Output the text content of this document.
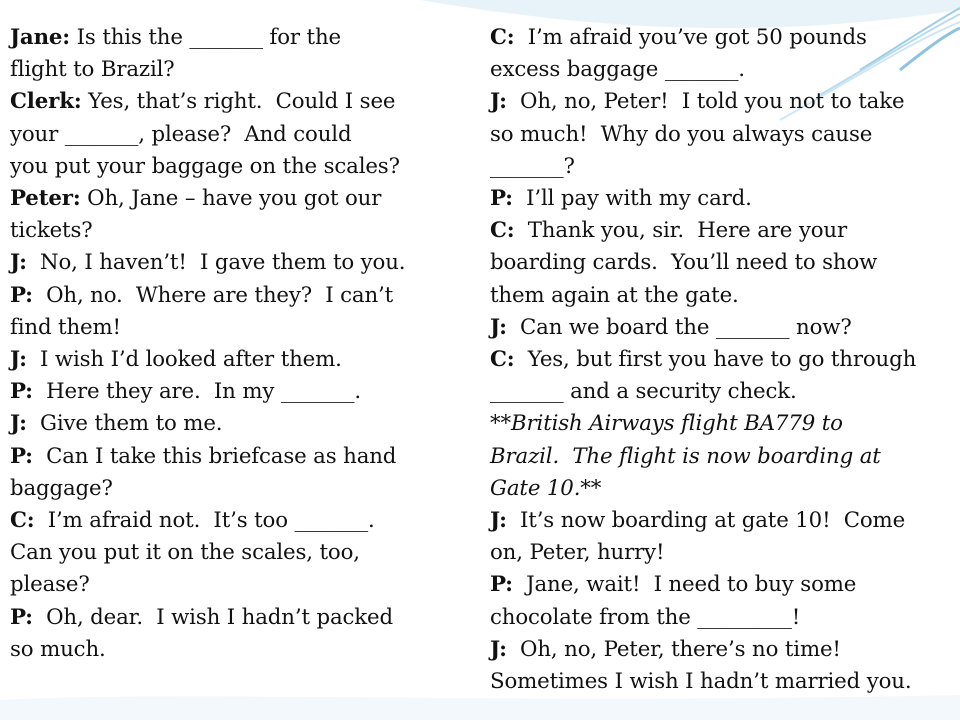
Jane: Is this the _______ for the
flight to Brazil?
Clerk: Yes, that’s right.  Could I see
your _______, please?  And could
you put your baggage on the scales?
Peter: Oh, Jane – have you got our
tickets?
J:  No, I haven’t!  I gave them to you.
P:  Oh, no.  Where are they?  I can’t
find them!
J:  I wish I’d looked after them.
P:  Here they are.  In my _______.
J:  Give them to me.
P:  Can I take this briefcase as hand
baggage?
C:  I’m afraid not.  It’s too _______.
Can you put it on the scales, too,
please?
P:  Oh, dear.  I wish I hadn’t packed
so much.
C:  I’m afraid you’ve got 50 pounds
excess baggage _______.
J:  Oh, no, Peter!  I told you not to take
so much!  Why do you always cause
_______?
P:  I’ll pay with my card.
C:  Thank you, sir.  Here are your
boarding cards.  You’ll need to show
them again at the gate.
J:  Can we board the _______ now?
C:  Yes, but first you have to go through
_______ and a security check.
**British Airways flight BA779 to
Brazil.  The flight is now boarding at
Gate 10.**
J:  It’s now boarding at gate 10!  Come
on, Peter, hurry!
P:  Jane, wait!  I need to buy some
chocolate from the _________!
J:  Oh, no, Peter, there’s no time!
Sometimes I wish I hadn’t married you.
